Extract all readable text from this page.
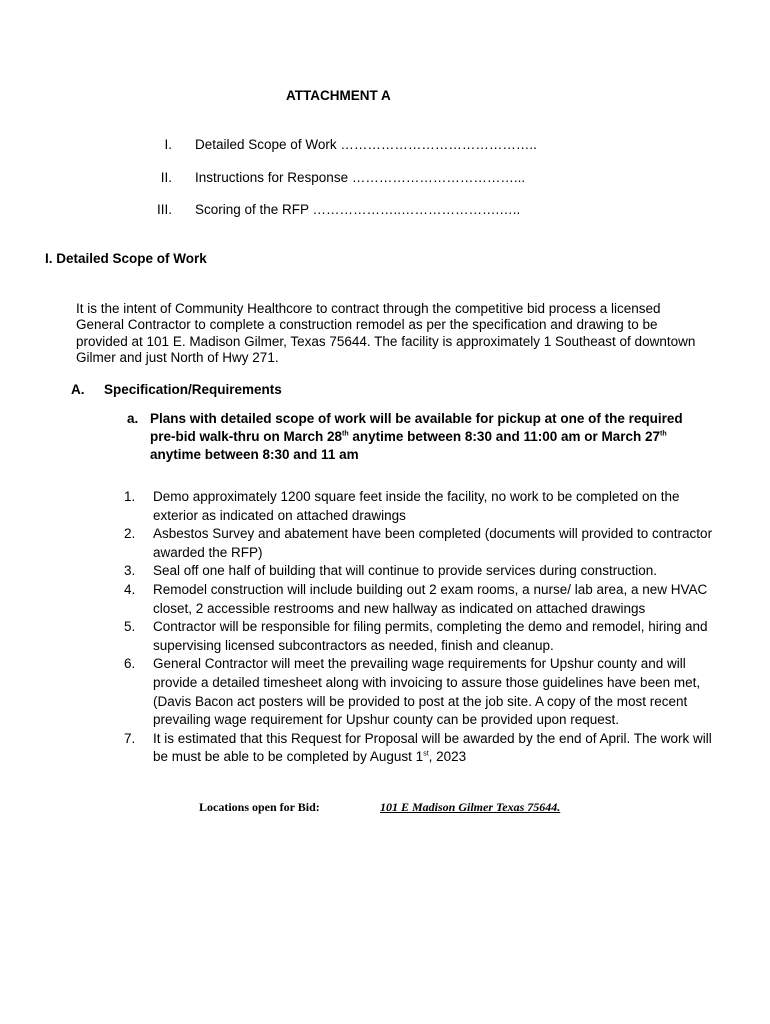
ATTACHMENT A
I. Detailed Scope of Work ……………………………………..
II. Instructions for Response ………………………………...
III. Scoring of the RFP ………………..………………….…..
I. Detailed Scope of Work
It is the intent of Community Healthcore to contract through the competitive bid process a licensed General Contractor to complete a construction remodel as per the specification and drawing to be provided at 101 E. Madison Gilmer, Texas 75644. The facility is approximately 1 Southeast of downtown Gilmer and just North of Hwy 271.
A. Specification/Requirements
a. Plans with detailed scope of work will be available for pickup at one of the required pre-bid walk-thru on March 28th anytime between 8:30 and 11:00 am or March 27th anytime between 8:30 and 11 am
1. Demo approximately 1200 square feet inside the facility, no work to be completed on the exterior as indicated on attached drawings
2. Asbestos Survey and abatement have been completed (documents will provided to contractor awarded the RFP)
3. Seal off one half of building that will continue to provide services during construction.
4. Remodel construction will include building out 2 exam rooms, a nurse/ lab area, a new HVAC closet, 2 accessible restrooms and new hallway as indicated on attached drawings
5. Contractor will be responsible for filing permits, completing the demo and remodel, hiring and supervising licensed subcontractors as needed, finish and cleanup.
6. General Contractor will meet the prevailing wage requirements for Upshur county and will provide a detailed timesheet along with invoicing to assure those guidelines have been met, (Davis Bacon act posters will be provided to post at the job site. A copy of the most recent prevailing wage requirement for Upshur county can be provided upon request.
7. It is estimated that this Request for Proposal will be awarded by the end of April. The work will be must be able to be completed by August 1st, 2023
Locations open for Bid:	101 E Madison Gilmer Texas 75644.
